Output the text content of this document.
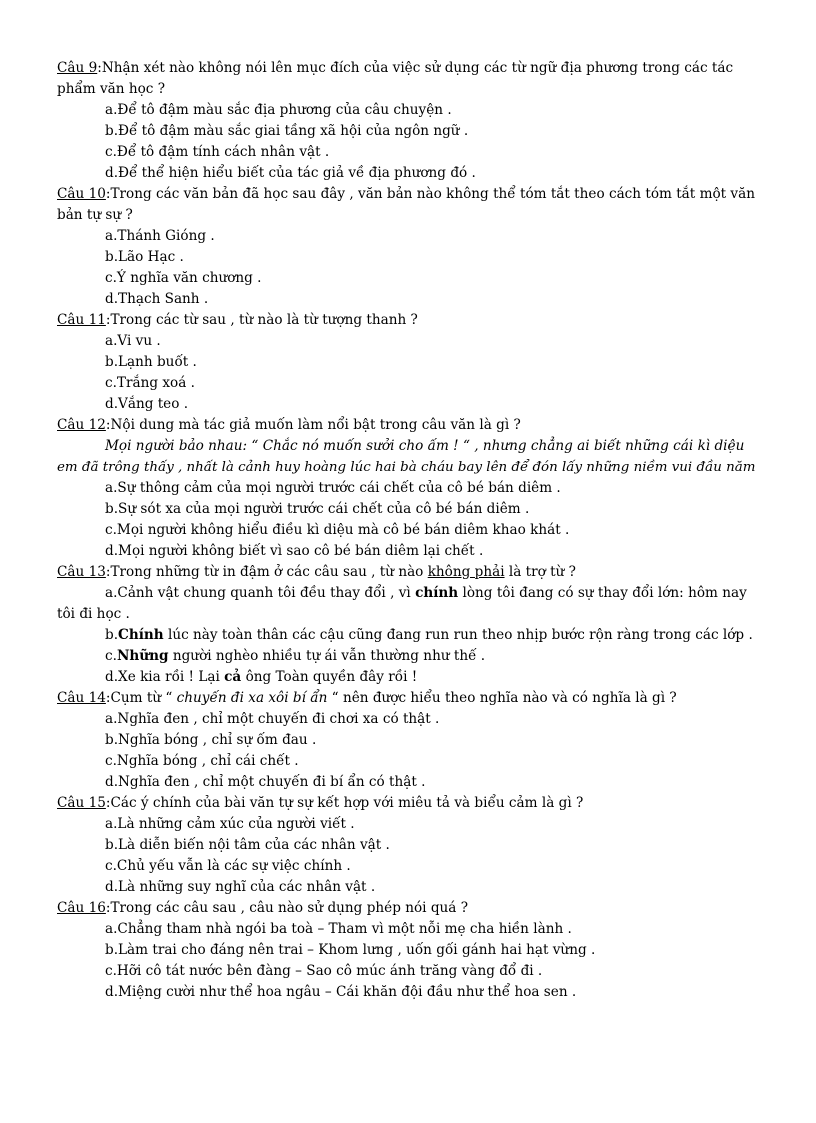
Câu 9:Nhận xét nào không nói lên mục đích của việc sử dụng các từ ngữ địa phương trong các tác

phẩm văn học ?

a.Để tô đậm màu sắc địa phương của câu chuyện .

b.Để tô đậm màu sắc giai tầng xã hội của ngôn ngữ .

c.Để tô đậm tính cách nhân vật .

d.Để thể hiện hiểu biết của tác giả về địa phương đó .

Câu 10:Trong các văn bản đã học sau đây , văn bản nào không thể tóm tắt theo cách tóm tắt một văn

bản tự sự ?

a.Thánh Gióng .

b.Lão Hạc .

c.Ý nghĩa văn chương .

d.Thạch Sanh .

Câu 11:Trong các từ sau , từ nào là từ tượng thanh ?

a.Vi vu .

b.Lạnh buốt .

c.Trắng xoá .

d.Vắng teo .

Câu 12:Nội dung mà tác giả muốn làm nổi bật trong câu văn là gì ?

Mọi người bảo nhau: “ Chắc nó muốn sưởi cho ấm ! “ , nhưng chẳng ai biết những cái kì diệu

em đã trông thấy , nhất là cảnh huy hoàng lúc hai bà cháu bay lên để đón lấy những niềm vui đầu năm

a.Sự thông cảm của mọi người trước cái chết của cô bé bán diêm .

b.Sự sót xa của mọi người trước cái chết của cô bé bán diêm .

c.Mọi người không hiểu điều kì diệu mà cô bé bán diêm khao khát .

d.Mọi người không biết vì sao cô bé bán diêm lại chết .

Câu 13:Trong những từ in đậm ở các câu sau , từ nào không phải là trợ từ ?

a.Cảnh vật chung quanh tôi đều thay đổi , vì chính lòng tôi đang có sự thay đổi lớn: hôm nay

tôi đi học .

b.Chính lúc này toàn thân các cậu cũng đang run run theo nhịp bước rộn ràng trong các lớp .

c.Những người nghèo nhiều tự ái vẫn thường như thế .

d.Xe kia rồi ! Lại cả ông Toàn quyền đây rồi !

Câu 14:Cụm từ “ chuyến đi xa xôi bí ẩn “ nên được hiểu theo nghĩa nào và có nghĩa là gì ?

a.Nghĩa đen , chỉ một chuyến đi chơi xa có thật .

b.Nghĩa bóng , chỉ sự ốm đau .

c.Nghĩa bóng , chỉ cái chết .

d.Nghĩa đen , chỉ một chuyến đi bí ẩn có thật .

Câu 15:Các ý chính của bài văn tự sự kết hợp với miêu tả và biểu cảm là gì ?

a.Là những cảm xúc của người viết .

b.Là diễn biến nội tâm của các nhân vật .

c.Chủ yếu vẫn là các sự việc chính .

d.Là những suy nghĩ của các nhân vật .

Câu 16:Trong các câu sau , câu nào sử dụng phép nói quá ?

a.Chẳng tham nhà ngói ba toà – Tham vì một nỗi mẹ cha hiền lành .

b.Làm trai cho đáng nên trai – Khom lưng , uốn gối gánh hai hạt vừng .

c.Hỡi cô tát nước bên đàng – Sao cô múc ánh trăng vàng đổ đi .

d.Miệng cười như thể hoa ngâu – Cái khăn đội đầu như thể hoa sen .
